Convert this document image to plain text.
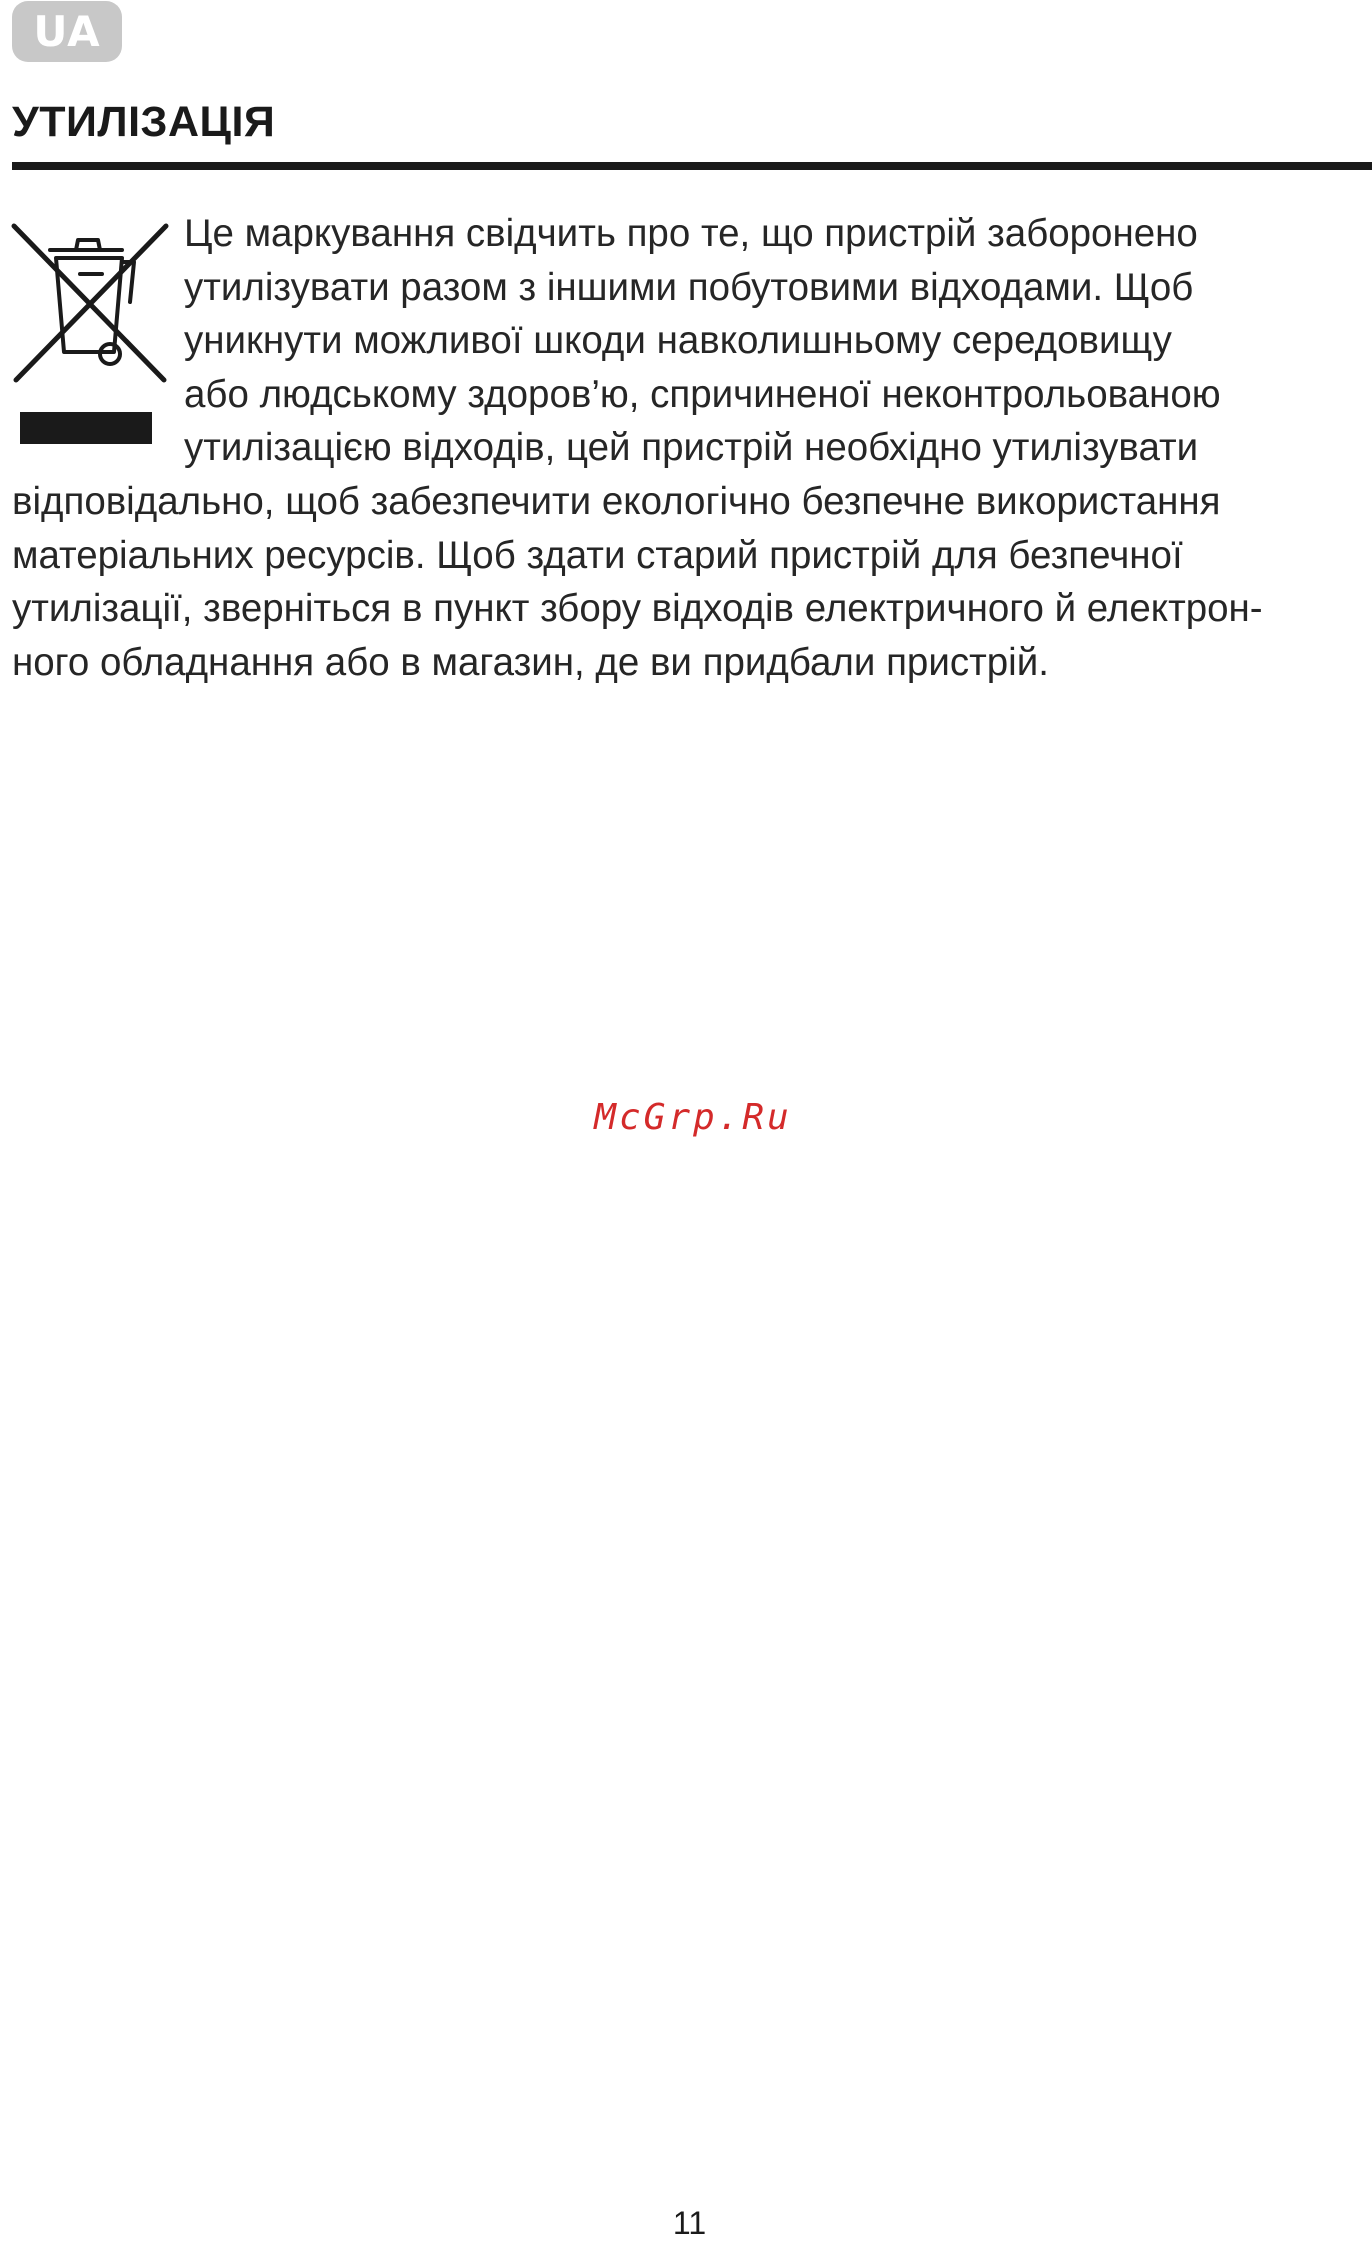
UA
УТИЛІЗАЦІЯ
Це маркування свідчить про те, що пристрій заборонено
утилізувати разом з іншими побутовими відходами. Щоб
уникнути можливої шкоди навколишньому середовищу
або людському здоров’ю, спричиненої неконтрольованою
утилізацією відходів, цей пристрій необхідно утилізувати
відповідально, щоб забезпечити екологічно безпечне використання
матеріальних ресурсів. Щоб здати старий пристрій для безпечної
утилізації, зверніться в пункт збору відходів електричного й електрон-
ного обладнання або в магазин, де ви придбали пристрій.
McGrp.Ru
11
